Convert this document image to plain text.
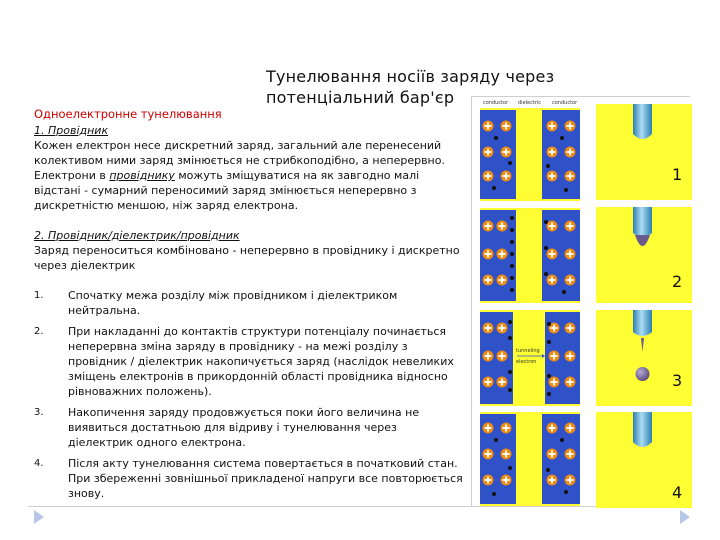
Тунелювання носіїв заряду через потенціальний бар'єр
Одноелектронне тунелювання

1. Провідник

Кожен електрон несе дискретний заряд, загальний але перенесений колективом ними заряд змінюється не стрибкоподібно, а неперервно.

Електрони в провіднику можуть зміщуватися на як завгодно малі відстані - сумарний переносимий заряд змінюється неперервно з дискретністю меншою, ніж заряд електрона.

2. Провідник/діелектрик/провідник

Заряд переноситься комбіновано - неперервно в провіднику і дискретно через діелектрик

1. Спочатку межа розділу між провідником і діелектриком нейтральна.
2. При накладанні до контактів структури потенціалу починається неперервна зміна заряду в провіднику - на межі розділу з провідник / діелектрик накопичується заряд (наслідок невеликих зміщень електронів в прикордонній області провідника відносно рівноважних положень).
3. Накопичення заряду продовжується поки його величина не виявиться достатньою для відриву і тунелювання через діелектрик одного електрона.
4. Після акту тунелювання система повертається в початковий стан. При збереженні зовнішньої прикладеної напруги все повторюється знову.
conductor dielectric conductor
tunneling
electron
1
2
3
4
